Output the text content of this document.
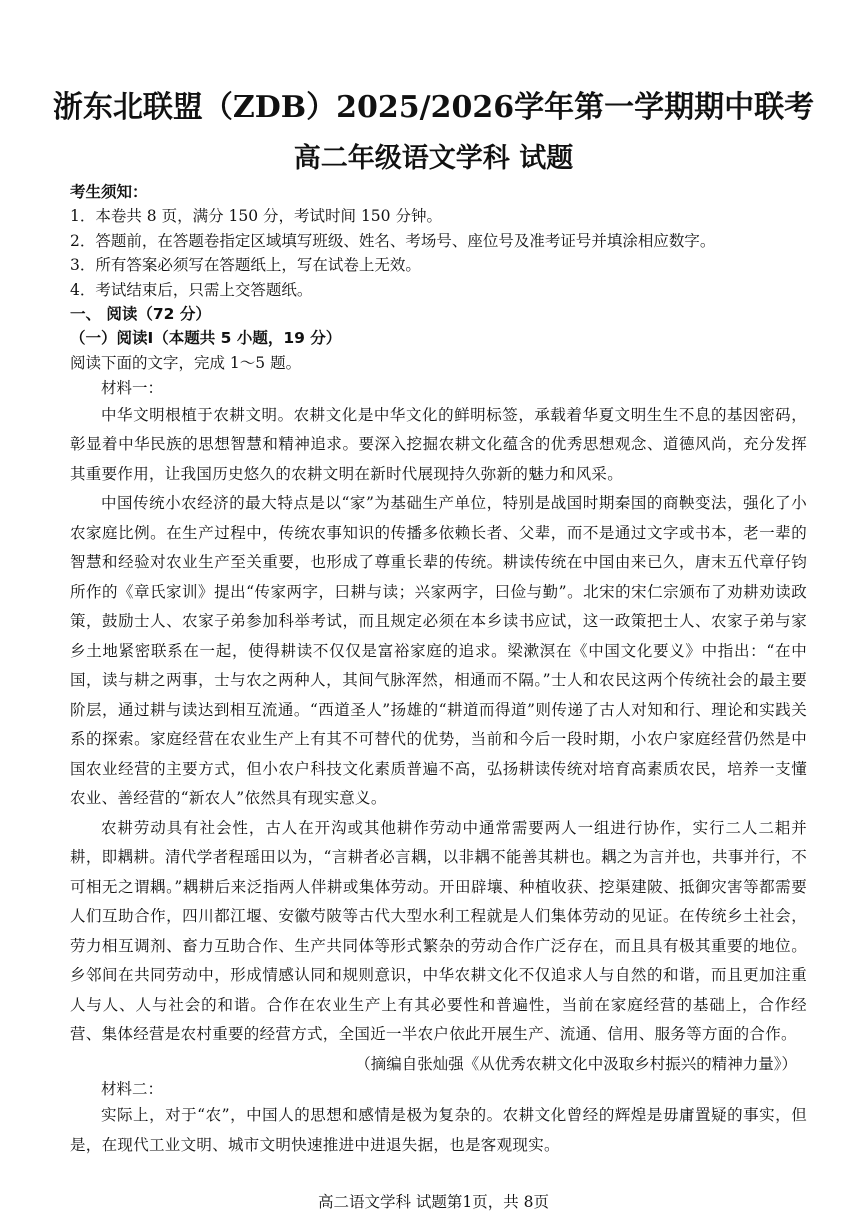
浙东北联盟（ZDB）2025/2026学年第一学期期中联考
高二年级语文学科 试题
考生须知：
1．本卷共 8 页，满分 150 分，考试时间 150 分钟。
2．答题前，在答题卷指定区域填写班级、姓名、考场号、座位号及准考证号并填涂相应数字。
3．所有答案必须写在答题纸上，写在试卷上无效。
4．考试结束后，只需上交答题纸。
一、 阅读（72 分）
（一）阅读Ⅰ（本题共 5 小题，19 分）
阅读下面的文字，完成 1～5 题。
材料一：

中华文明根植于农耕文明。农耕文化是中华文化的鲜明标签，承载着华夏文明生生不息的基因密码，彰显着中华民族的思想智慧和精神追求。要深入挖掘农耕文化蕴含的优秀思想观念、道德风尚，充分发挥其重要作用，让我国历史悠久的农耕文明在新时代展现持久弥新的魅力和风采。

中国传统小农经济的最大特点是以“家”为基础生产单位，特别是战国时期秦国的商鞅变法，强化了小农家庭比例。在生产过程中，传统农事知识的传播多依赖长者、父辈，而不是通过文字或书本，老一辈的智慧和经验对农业生产至关重要，也形成了尊重长辈的传统。耕读传统在中国由来已久，唐末五代章仔钧所作的《章氏家训》提出“传家两字，曰耕与读；兴家两字，曰俭与勤”。北宋的宋仁宗颁布了劝耕劝读政策，鼓励士人、农家子弟参加科举考试，而且规定必须在本乡读书应试，这一政策把士人、农家子弟与家乡土地紧密联系在一起，使得耕读不仅仅是富裕家庭的追求。梁漱溟在《中国文化要义》中指出：“在中国，读与耕之两事，士与农之两种人，其间气脉浑然，相通而不隔。”士人和农民这两个传统社会的最主要阶层，通过耕与读达到相互流通。“西道圣人”扬雄的“耕道而得道”则传递了古人对知和行、理论和实践关系的探索。家庭经营在农业生产上有其不可替代的优势，当前和今后一段时期，小农户家庭经营仍然是中国农业经营的主要方式，但小农户科技文化素质普遍不高，弘扬耕读传统对培育高素质农民，培养一支懂农业、善经营的“新农人”依然具有现实意义。

农耕劳动具有社会性，古人在开沟或其他耕作劳动中通常需要两人一组进行协作，实行二人二耜并耕，即耦耕。清代学者程瑶田以为，“言耕者必言耦，以非耦不能善其耕也。耦之为言并也，共事并行，不可相无之谓耦。”耦耕后来泛指两人伴耕或集体劳动。开田辟壤、种植收获、挖渠建陂、抵御灾害等都需要人们互助合作，四川都江堰、安徽芍陂等古代大型水利工程就是人们集体劳动的见证。在传统乡土社会，劳力相互调剂、畜力互助合作、生产共同体等形式繁杂的劳动合作广泛存在，而且具有极其重要的地位。乡邻间在共同劳动中，形成情感认同和规则意识，中华农耕文化不仅追求人与自然的和谐，而且更加注重人与人、人与社会的和谐。合作在农业生产上有其必要性和普遍性，当前在家庭经营的基础上，合作经营、集体经营是农村重要的经营方式，全国近一半农户依此开展生产、流通、信用、服务等方面的合作。

（摘编自张灿强《从优秀农耕文化中汲取乡村振兴的精神力量》）
材料二：

实际上，对于“农”，中国人的思想和感情是极为复杂的。农耕文化曾经的辉煌是毋庸置疑的事实，但是，在现代工业文明、城市文明快速推进中进退失据，也是客观现实。

高二语文学科 试题第1页，共 8页
